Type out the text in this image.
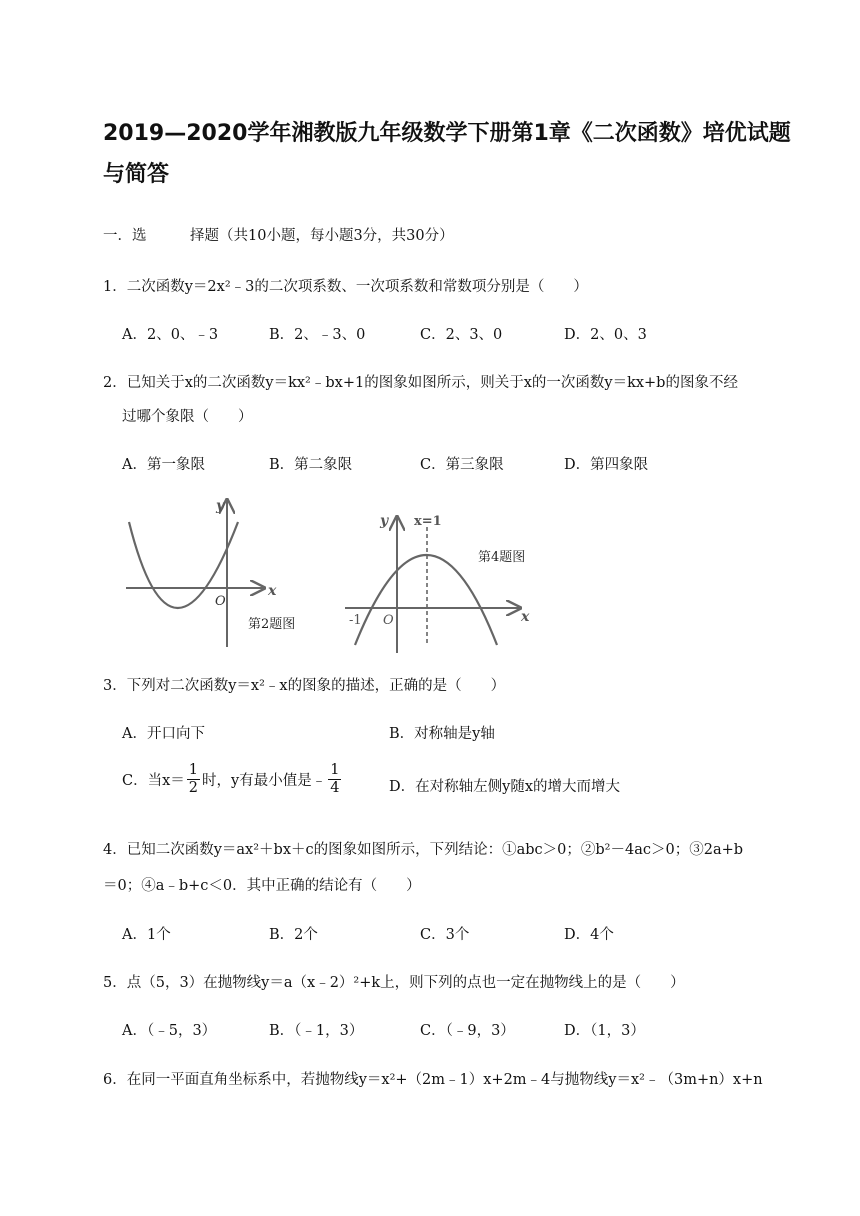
2019—2020学年湘教版九年级数学下册第1章《二次函数》培优试题
与简答
一．选　　　择题（共10小题，每小题3分，共30分）
1．二次函数y＝2x²﹣3的二次项系数、一次项系数和常数项分别是（　　）
A．2、0、﹣3	B．2、﹣3、0	C．2、3、0	D．2、0、3
2．已知关于x的二次函数y＝kx²﹣bx+1的图象如图所示，则关于x的一次函数y＝kx+b的图象不经
过哪个象限（　　）
A．第一象限	B．第二象限	C．第三象限	D．第四象限
x
y
O
第2题图	x
y x=1
-1 O
第4题图
3．下列对二次函数y＝x²﹣x的图象的描述，正确的是（　　）
A．开口向下	B．对称轴是y轴
C．当$x= \frac{1}{2}$ 时，y有最小值是﹣ $\frac{1}{4}$	D．在对称轴左侧y随x的增大而增大
4．已知二次函数y＝ax²＋bx＋c的图象如图所示，下列结论：①abc＞0；②b²－4ac＞0；③2a+b
＝0；④a﹣b+c＜0．其中正确的结论有（　　）
A．1个	B．2个	C．3个	D．4个
5．点（5，3）在抛物线y＝a（x﹣2）²+k上，则下列的点也一定在抛物线上的是（　　）
A．（﹣5，3）	B．（﹣1，3）	C．（﹣9，3）	D．（1，3）
6．在同一平面直角坐标系中，若抛物线y＝x²+（2m﹣1）x+2m﹣4与抛物线y＝x²﹣（3m+n）x+n
